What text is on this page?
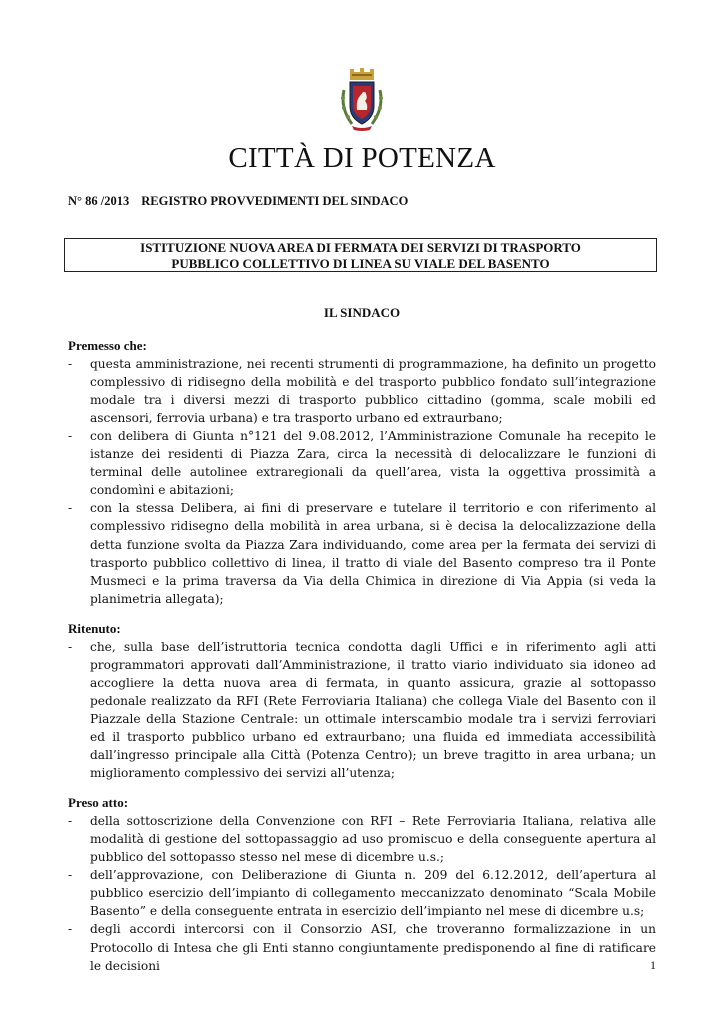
CITTÀ DI POTENZA
N° 86 /2013 REGISTRO PROVVEDIMENTI DEL SINDACO
ISTITUZIONE NUOVA AREA DI FERMATA DEI SERVIZI DI TRASPORTO
PUBBLICO COLLETTIVO DI LINEA SU VIALE DEL BASENTO
IL SINDACO
Premesso che:
- questa amministrazione, nei recenti strumenti di programmazione, ha definito un progetto complessivo di ridisegno della mobilità e del trasporto pubblico fondato sull’integrazione modale tra i diversi mezzi di trasporto pubblico cittadino (gomma, scale mobili ed ascensori, ferrovia urbana) e tra trasporto urbano ed extraurbano;
- con delibera di Giunta n°121 del 9.08.2012, l’Amministrazione Comunale ha recepito le istanze dei residenti di Piazza Zara, circa la necessità di delocalizzare le funzioni di terminal delle autolinee extraregionali da quell’area, vista la oggettiva prossimità a condomìni e abitazioni;
- con la stessa Delibera, ai fini di preservare e tutelare il territorio e con riferimento al complessivo ridisegno della mobilità in area urbana, si è decisa la delocalizzazione della detta funzione svolta da Piazza Zara individuando, come area per la fermata dei servizi di trasporto pubblico collettivo di linea, il tratto di viale del Basento compreso tra il Ponte Musmeci e la prima traversa da Via della Chimica in direzione di Via Appia (si veda la planimetria allegata);
Ritenuto:
- che, sulla base dell’istruttoria tecnica condotta dagli Uffici e in riferimento agli atti programmatori approvati dall’Amministrazione, il tratto viario individuato sia idoneo ad accogliere la detta nuova area di fermata, in quanto assicura, grazie al sottopasso pedonale realizzato da RFI (Rete Ferroviaria Italiana) che collega Viale del Basento con il Piazzale della Stazione Centrale: un ottimale interscambio modale tra i servizi ferroviari ed il trasporto pubblico urbano ed extraurbano; una fluida ed immediata accessibilità dall’ingresso principale alla Città (Potenza Centro); un breve tragitto in area urbana; un miglioramento complessivo dei servizi all’utenza;
Preso atto:
- della sottoscrizione della Convenzione con RFI – Rete Ferroviaria Italiana, relativa alle modalità di gestione del sottopassaggio ad uso promiscuo e della conseguente apertura al pubblico del sottopasso stesso nel mese di dicembre u.s.;
- dell’approvazione, con Deliberazione di Giunta n. 209 del 6.12.2012, dell’apertura al pubblico esercizio dell’impianto di collegamento meccanizzato denominato “Scala Mobile Basento” e della conseguente entrata in esercizio dell’impianto nel mese di dicembre u.s;
- degli accordi intercorsi con il Consorzio ASI, che troveranno formalizzazione in un Protocollo di Intesa che gli Enti stanno congiuntamente predisponendo al fine di ratificare le decisioni	1
